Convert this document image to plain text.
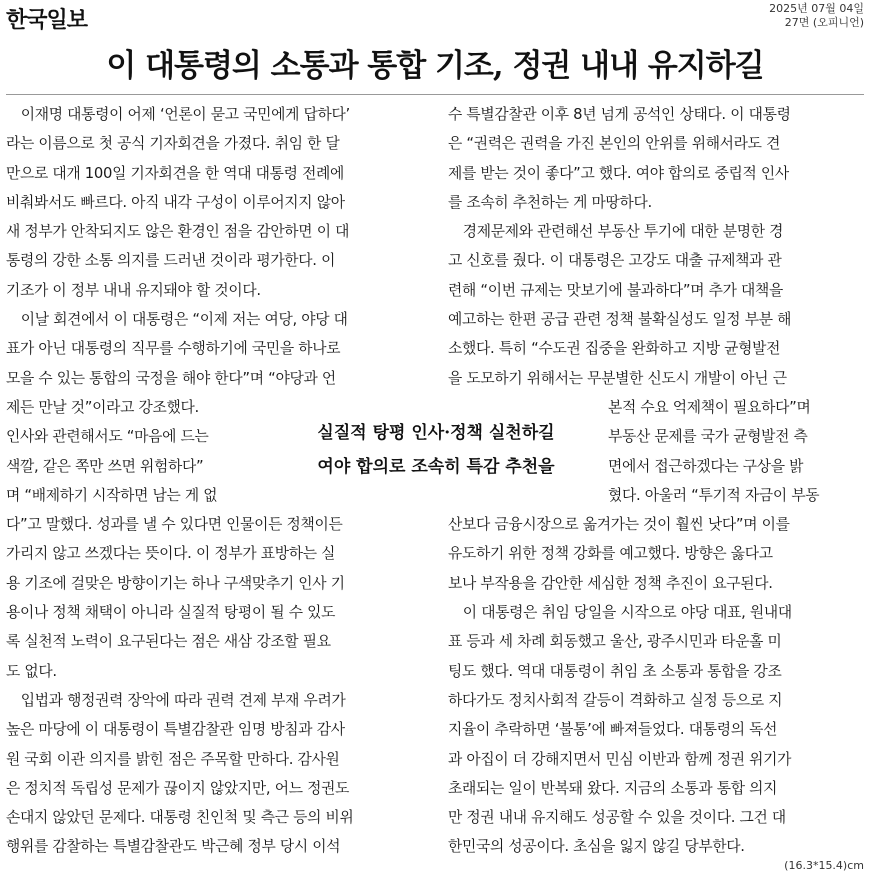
한국일보	2025년 07월 04일
27면 (오피니언)
이 대통령의 소통과 통합 기조, 정권 내내 유지하길
이재명 대통령이 어제 ‘언론이 묻고 국민에게 답하다’
라는 이름으로 첫 공식 기자회견을 가졌다. 취임 한 달
만으로 대개 100일 기자회견을 한 역대 대통령 전례에
비춰봐서도 빠르다. 아직 내각 구성이 이루어지지 않아
새 정부가 안착되지도 않은 환경인 점을 감안하면 이 대
통령의 강한 소통 의지를 드러낸 것이라 평가한다. 이
기조가 이 정부 내내 유지돼야 할 것이다.
이날 회견에서 이 대통령은 “이제 저는 여당, 야당 대
표가 아닌 대통령의 직무를 수행하기에 국민을 하나로
모을 수 있는 통합의 국정을 해야 한다”며 “야당과 언
제든 만날 것”이라고 강조했다.
인사와 관련해서도 “마음에 드는
색깔, 같은 쪽만 쓰면 위험하다”
며 “배제하기 시작하면 남는 게 없
다”고 말했다. 성과를 낼 수 있다면 인물이든 정책이든
가리지 않고 쓰겠다는 뜻이다. 이 정부가 표방하는 실
용 기조에 걸맞은 방향이기는 하나 구색맞추기 인사 기
용이나 정책 채택이 아니라 실질적 탕평이 될 수 있도
록 실천적 노력이 요구된다는 점은 새삼 강조할 필요
도 없다.
입법과 행정권력 장악에 따라 권력 견제 부재 우려가
높은 마당에 이 대통령이 특별감찰관 임명 방침과 감사
원 국회 이관 의지를 밝힌 점은 주목할 만하다. 감사원
은 정치적 독립성 문제가 끊이지 않았지만, 어느 정권도
손대지 않았던 문제다. 대통령 친인척 및 측근 등의 비위
행위를 감찰하는 특별감찰관도 박근혜 정부 당시 이석
수 특별감찰관 이후 8년 넘게 공석인 상태다. 이 대통령
은 “권력은 권력을 가진 본인의 안위를 위해서라도 견
제를 받는 것이 좋다”고 했다. 여야 합의로 중립적 인사
를 조속히 추천하는 게 마땅하다.
경제문제와 관련해선 부동산 투기에 대한 분명한 경
고 신호를 줬다. 이 대통령은 고강도 대출 규제책과 관
련해 “이번 규제는 맛보기에 불과하다”며 추가 대책을
예고하는 한편 공급 관련 정책 불확실성도 일정 부분 해
소했다. 특히 “수도권 집중을 완화하고 지방 균형발전
을 도모하기 위해서는 무분별한 신도시 개발이 아닌 근
본적 수요 억제책이 필요하다”며
부동산 문제를 국가 균형발전 측
면에서 접근하겠다는 구상을 밝
혔다. 아울러 “투기적 자금이 부동
산보다 금융시장으로 옮겨가는 것이 훨씬 낫다”며 이를
유도하기 위한 정책 강화를 예고했다. 방향은 옳다고
보나 부작용을 감안한 세심한 정책 추진이 요구된다.
이 대통령은 취임 당일을 시작으로 야당 대표, 원내대
표 등과 세 차례 회동했고 울산, 광주시민과 타운홀 미
팅도 했다. 역대 대통령이 취임 초 소통과 통합을 강조
하다가도 정치사회적 갈등이 격화하고 실정 등으로 지
지율이 추락하면 ‘불통’에 빠져들었다. 대통령의 독선
과 아집이 더 강해지면서 민심 이반과 함께 정권 위기가
초래되는 일이 반복돼 왔다. 지금의 소통과 통합 의지
만 정권 내내 유지해도 성공할 수 있을 것이다. 그건 대
한민국의 성공이다. 초심을 잃지 않길 당부한다.
실질적 탕평 인사·정책 실천하길
여야 합의로 조속히 특감 추천을
(16.3*15.4)cm
